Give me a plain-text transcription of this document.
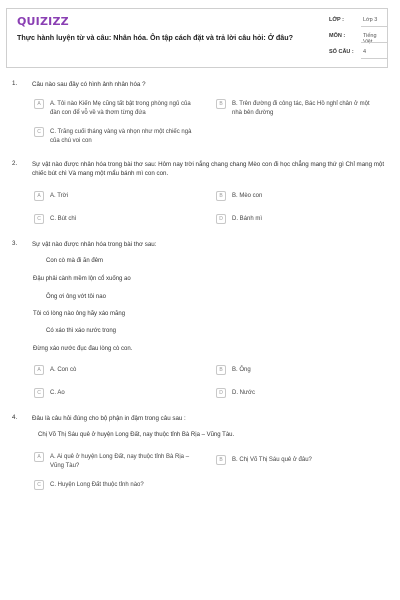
QUIZIZZ
Thực hành luyện từ và câu: Nhân hóa. Ôn tập cách đặt và trả lời câu hỏi: Ở đâu?
LỚP :	Lớp 3
MÔN :	Tiếng Việt
SỐ CÂU : 4
1. Câu nào sau đây có hình ảnh nhân hóa ?
A	A. Tôi nào Kiến Mẹ cũng tất bật trong phòng ngủ của đàn con để vỗ về và thơm từng đứa
B	B. Trên đường đi công tác, Bác Hồ nghỉ chân ở một nhà bên đường
C	C. Trăng cuối tháng vàng và nhọn như một chiếc ngà của chú voi con
2. Sự vật nào được nhân hóa trong bài thơ sau: Hôm nay trời nắng chang chang Mèo con đi học chẳng mang thứ gì Chỉ mang một chiếc bút chì Và mang một mẩu bánh mì con con.
A	A. Trời	B	B. Mèo con
C	C. Bút chì	D	D. Bánh mì
3. Sự vật nào được nhân hóa trong bài thơ sau:
Con cò mà đi ăn đêm
Đậu phải cành mềm lộn cổ xuống ao
Ông ơi ông vớt tôi nao
Tôi có lòng nào ông hãy xáo măng
Có xáo thì xáo nước trong
Đừng xáo nước đục đau lòng cò con.
A	A. Con cò	B	B. Ông
C	C. Ao	D	D. Nước
4. Đâu là câu hỏi đúng cho bộ phận in đậm trong câu sau :
Chị Võ Thị Sáu quê ở huyện Long Đất, nay thuộc tỉnh Bà Rịa – Vũng Tàu.
A	A. Ai quê ở huyện Long Đất, nay thuộc tỉnh Bà Rịa – Vũng Tàu?
B	B. Chị Võ Thị Sáu quê ở đâu?
C	C. Huyện Long Đất thuộc tỉnh nào?
